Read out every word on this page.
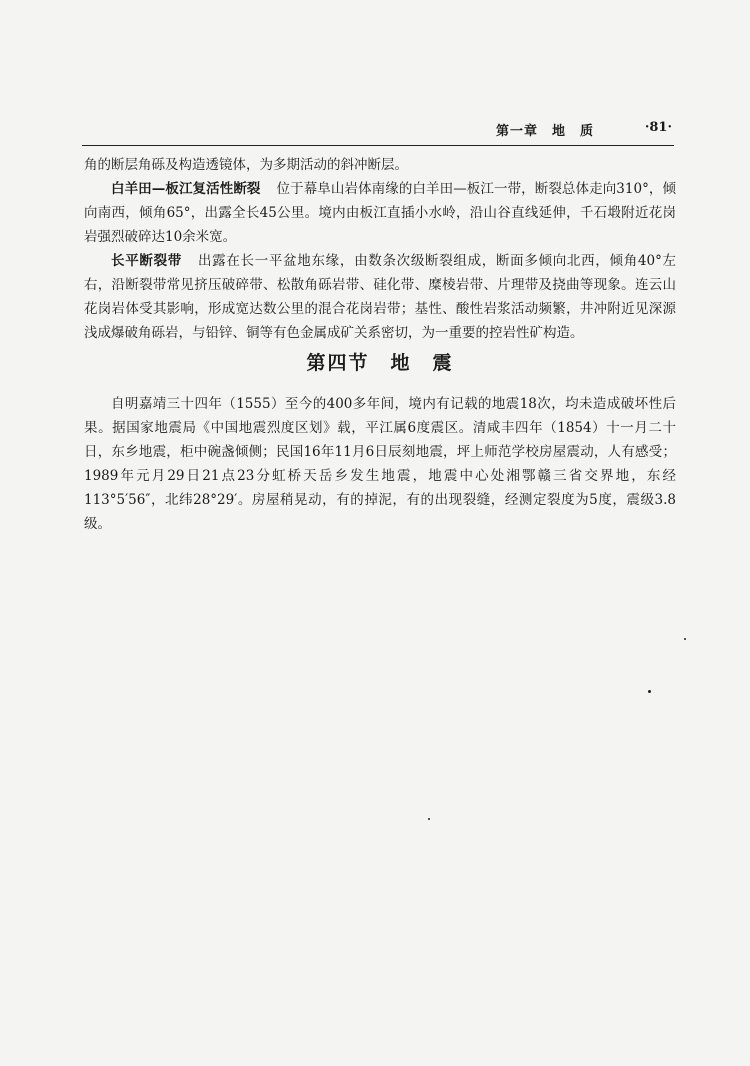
第一章　地　质	·81·

角的断层角砾及构造透镜体，为多期活动的斜冲断层。

白羊田—板江复活性断裂 位于幕阜山岩体南缘的白羊田—板江一带，断裂总体走向310°，倾向南西，倾角65°，出露全长45公里。境内由板江直插小水岭，沿山谷直线延伸，千石塅附近花岗岩强烈破碎达10余米宽。

长平断裂带 出露在长一平盆地东缘，由数条次级断裂组成，断面多倾向北西，倾角40°左右，沿断裂带常见挤压破碎带、松散角砾岩带、硅化带、糜棱岩带、片理带及挠曲等现象。连云山花岗岩体受其影响，形成宽达数公里的混合花岗岩带；基性、酸性岩浆活动频繁，井冲附近见深源浅成爆破角砾岩，与铅锌、铜等有色金属成矿关系密切，为一重要的控岩性矿构造。

第四节　地　震

自明嘉靖三十四年（1555）至今的400多年间，境内有记载的地震18次，均未造成破坏性后果。据国家地震局《中国地震烈度区划》载，平江属6度震区。清咸丰四年（1854）十一月二十日，东乡地震，柜中碗盏倾侧；民国16年11月6日辰刻地震，坪上师范学校房屋震动，人有感受；1989年元月29日21点23分虹桥天岳乡发生地震，地震中心处湘鄂赣三省交界地，东经113°5′56″，北纬28°29′。房屋稍晃动，有的掉泥，有的出现裂缝，经测定裂度为5度，震级3.8级。
